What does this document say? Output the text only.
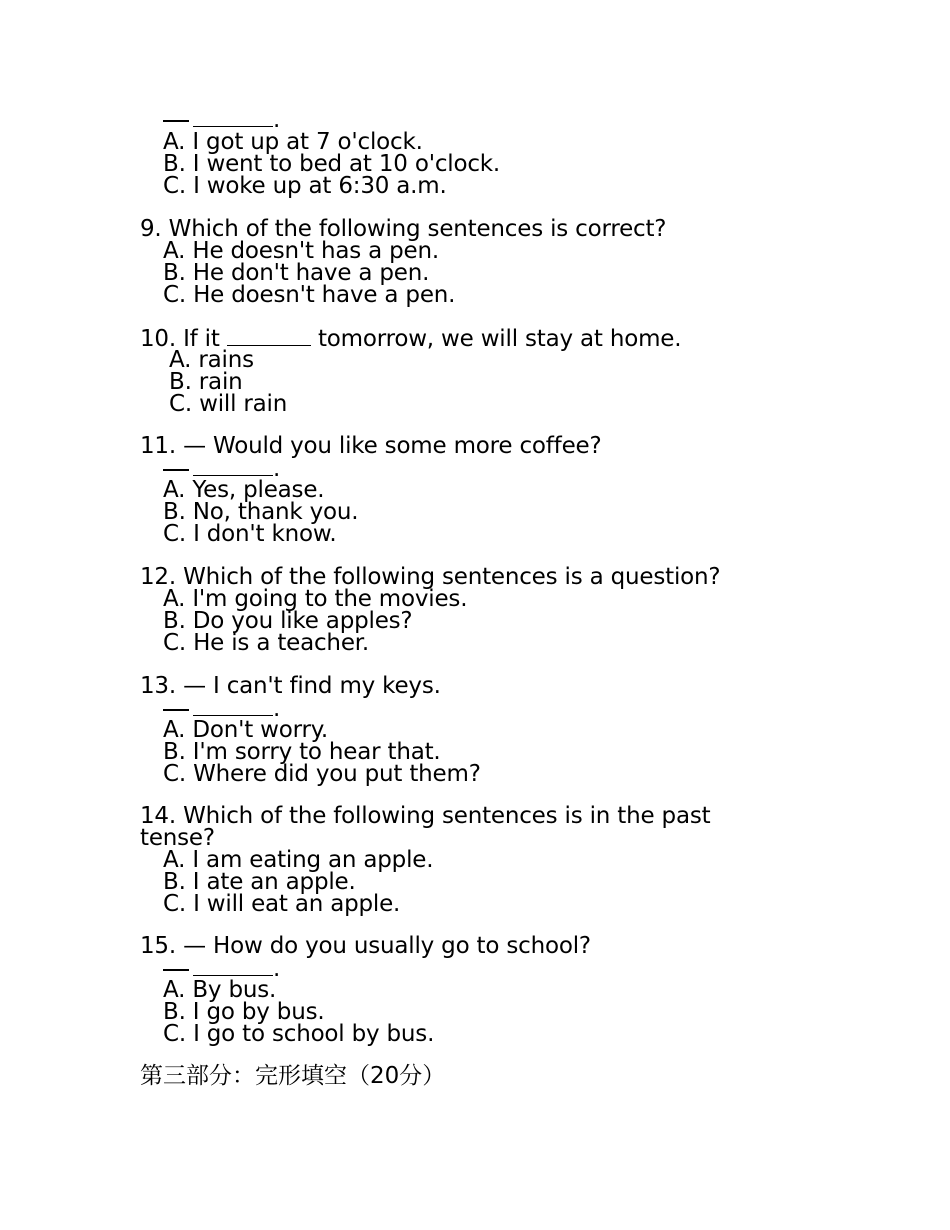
.
A. I got up at 7 o'clock.
B. I went to bed at 10 o'clock.
C. I woke up at 6:30 a.m.
9. Which of the following sentences is correct?
A. He doesn't has a pen.
B. He don't have a pen.
C. He doesn't have a pen.
10. If it	tomorrow, we will stay at home.
A. rains
B. rain
C. will rain
11. — Would you like some more coffee?
.
A. Yes, please.
B. No, thank you.
C. I don't know.
12. Which of the following sentences is a question?
A. I'm going to the movies.
B. Do you like apples?
C. He is a teacher.
13. — I can't find my keys.
.
A. Don't worry.
B. I'm sorry to hear that.
C. Where did you put them?
14. Which of the following sentences is in the past
tense?
A. I am eating an apple.
B. I ate an apple.
C. I will eat an apple.
15. — How do you usually go to school?
.
A. By bus.
B. I go by bus.
C. I go to school by bus.
第三部分：完形填空（20分）
